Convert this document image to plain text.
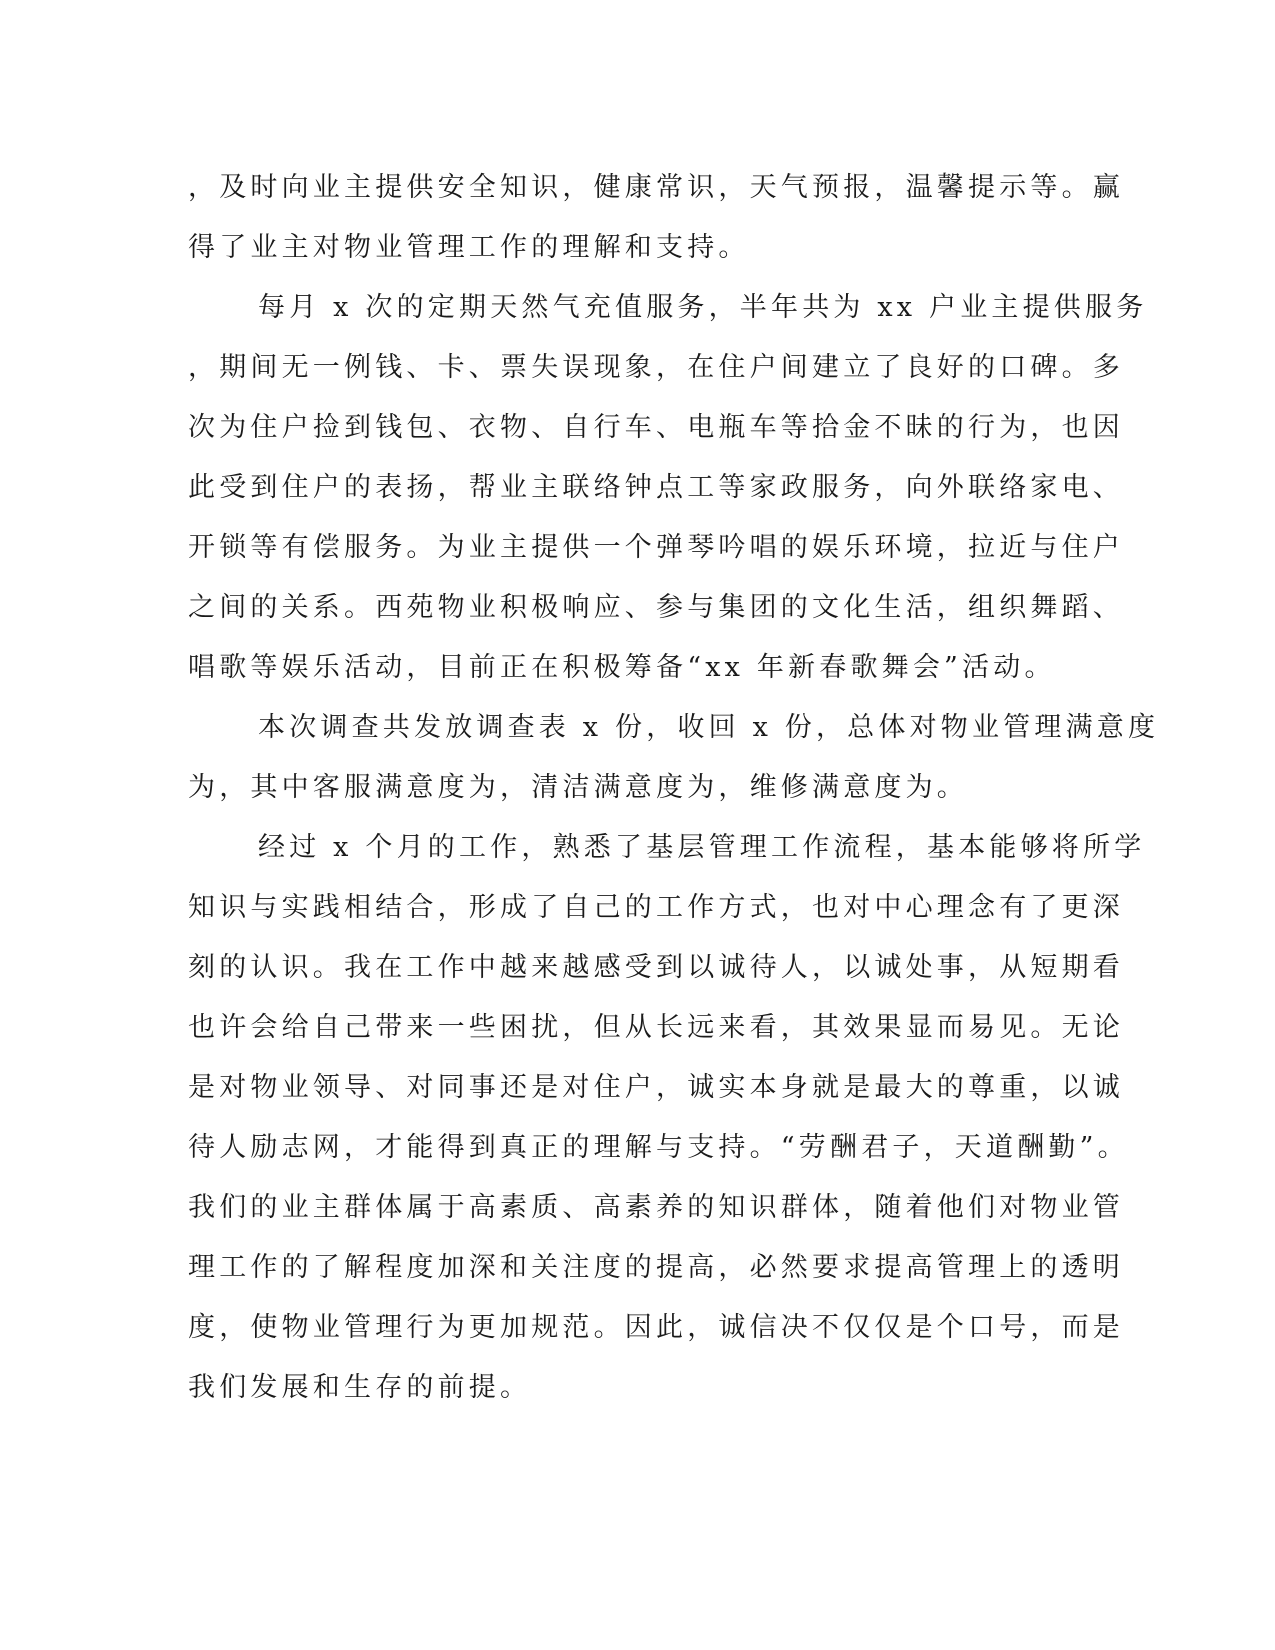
，及时向业主提供安全知识，健康常识，天气预报，温馨提示等。赢
得了业主对物业管理工作的理解和支持。
每月 x 次的定期天然气充值服务，半年共为 xx 户业主提供服务
，期间无一例钱、卡、票失误现象，在住户间建立了良好的口碑。多
次为住户捡到钱包、衣物、自行车、电瓶车等拾金不昧的行为，也因
此受到住户的表扬，帮业主联络钟点工等家政服务，向外联络家电、
开锁等有偿服务。为业主提供一个弹琴吟唱的娱乐环境，拉近与住户
之间的关系。西苑物业积极响应、参与集团的文化生活，组织舞蹈、
唱歌等娱乐活动，目前正在积极筹备“xx 年新春歌舞会”活动。
本次调查共发放调查表 x 份，收回 x 份，总体对物业管理满意度
为，其中客服满意度为，清洁满意度为，维修满意度为。
经过 x 个月的工作，熟悉了基层管理工作流程，基本能够将所学
知识与实践相结合，形成了自己的工作方式，也对中心理念有了更深
刻的认识。我在工作中越来越感受到以诚待人，以诚处事，从短期看
也许会给自己带来一些困扰，但从长远来看，其效果显而易见。无论
是对物业领导、对同事还是对住户，诚实本身就是最大的尊重，以诚
待人励志网，才能得到真正的理解与支持。“劳酬君子，天道酬勤”。
我们的业主群体属于高素质、高素养的知识群体，随着他们对物业管
理工作的了解程度加深和关注度的提高，必然要求提高管理上的透明
度，使物业管理行为更加规范。因此，诚信决不仅仅是个口号，而是
我们发展和生存的前提。
